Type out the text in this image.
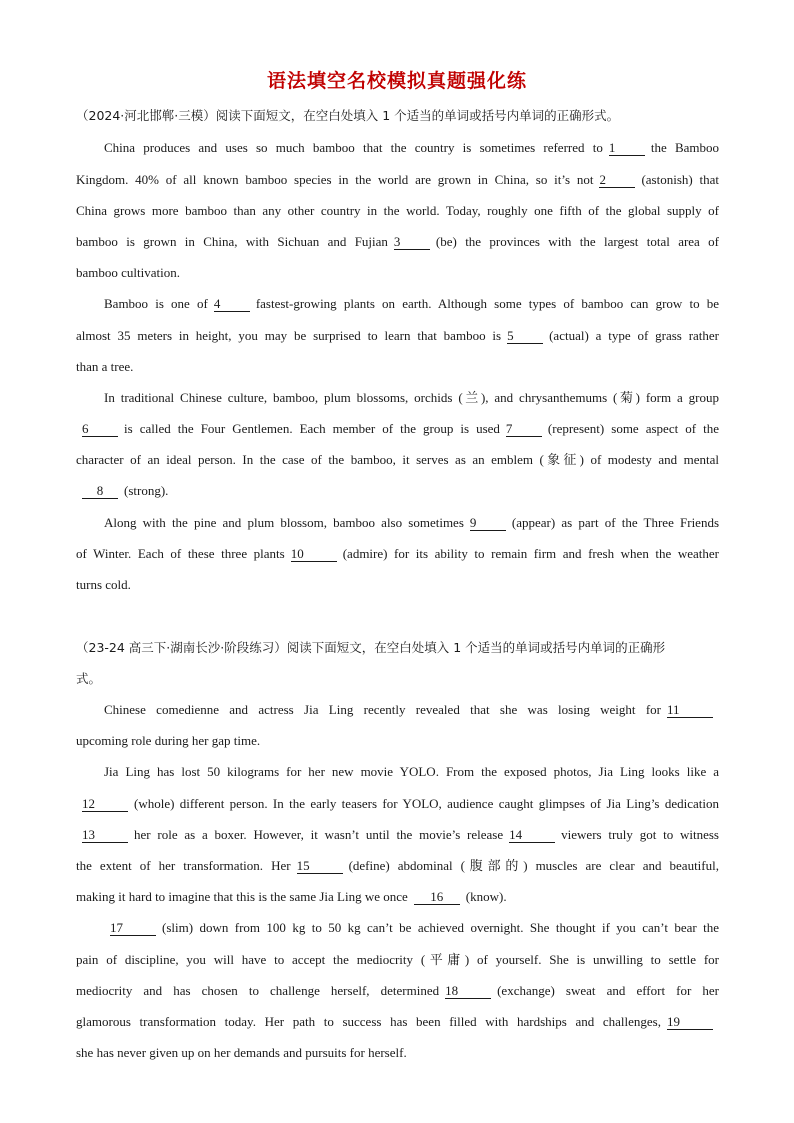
语法填空名校模拟真题强化练
（2024·河北邯郸·三模）阅读下面短文，在空白处填入 1 个适当的单词或括号内单词的正确形式。
China produces and uses so much bamboo that the country is sometimes referred to 1	the Bamboo
Kingdom. 40% of all known bamboo species in the world are grown in China, so it’s not 2	(astonish) that
China grows more bamboo than any other country in the world. Today, roughly one fifth of the global supply of
bamboo is grown in China, with Sichuan and Fujian 3	(be) the provinces with the largest total area of
bamboo cultivation.
Bamboo is one of 4	fastest-growing plants on earth. Although some types of bamboo can grow to be
almost 35 meters in height, you may be surprised to learn that bamboo is 5	(actual) a type of grass rather
than a tree.
In traditional Chinese culture, bamboo, plum blossoms, orchids (兰), and chrysanthemums (菊) form a group
6	is called the Four Gentlemen. Each member of the group is used 7	(represent) some aspect of the
character of an ideal person. In the case of the bamboo, it serves as an emblem (象征) of modesty and mental
8 (strong).
Along with the pine and plum blossom, bamboo also sometimes 9	(appear) as part of the Three Friends
of Winter. Each of these three plants 10	(admire) for its ability to remain firm and fresh when the weather
turns cold.
（23-24 高三下·湖南长沙·阶段练习）阅读下面短文，在空白处填入 1 个适当的单词或括号内单词的正确形
式。
Chinese comedienne and actress Jia Ling recently revealed that she was losing weight for 11
upcoming role during her gap time.
Jia Ling has lost 50 kilograms for her new movie YOLO. From the exposed photos, Jia Ling looks like a
12	(whole) different person. In the early teasers for YOLO, audience caught glimpses of Jia Ling’s dedication
13	her role as a boxer. However, it wasn’t until the movie’s release 14	viewers truly got to witness
the extent of her transformation. Her 15	(define) abdominal (腹部的) muscles are clear and beautiful,
making it hard to imagine that this is the same Jia Ling we once 16 (know).
17	(slim) down from 100 kg to 50 kg can’t be achieved overnight. She thought if you can’t bear the
pain of discipline, you will have to accept the mediocrity (平庸) of yourself. She is unwilling to settle for
mediocrity and has chosen to challenge herself, determined 18	(exchange) sweat and effort for her
glamorous transformation today. Her path to success has been filled with hardships and challenges, 19
she has never given up on her demands and pursuits for herself.
